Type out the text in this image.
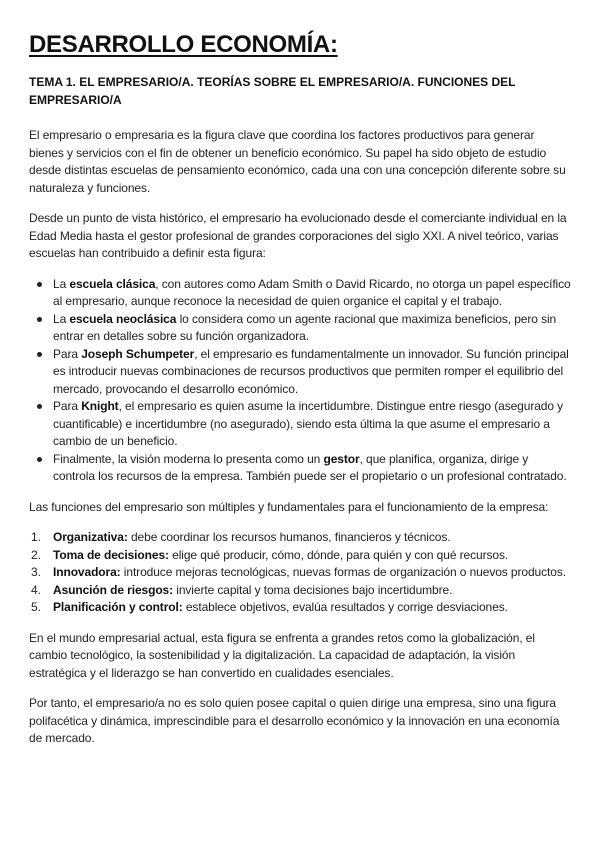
DESARROLLO ECONOMÍA:

TEMA 1. EL EMPRESARIO/A. TEORÍAS SOBRE EL EMPRESARIO/A. FUNCIONES DEL EMPRESARIO/A

El empresario o empresaria es la figura clave que coordina los factores productivos para generar bienes y servicios con el fin de obtener un beneficio económico. Su papel ha sido objeto de estudio desde distintas escuelas de pensamiento económico, cada una con una concepción diferente sobre su naturaleza y funciones.

Desde un punto de vista histórico, el empresario ha evolucionado desde el comerciante individual en la Edad Media hasta el gestor profesional de grandes corporaciones del siglo XXI. A nivel teórico, varias escuelas han contribuido a definir esta figura:

La escuela clásica, con autores como Adam Smith o David Ricardo, no otorga un papel específico al empresario, aunque reconoce la necesidad de quien organice el capital y el trabajo.
La escuela neoclásica lo considera como un agente racional que maximiza beneficios, pero sin entrar en detalles sobre su función organizadora.
Para Joseph Schumpeter, el empresario es fundamentalmente un innovador. Su función principal es introducir nuevas combinaciones de recursos productivos que permiten romper el equilibrio del mercado, provocando el desarrollo económico.
Para Knight, el empresario es quien asume la incertidumbre. Distingue entre riesgo (asegurado y cuantificable) e incertidumbre (no asegurado), siendo esta última la que asume el empresario a cambio de un beneficio.
Finalmente, la visión moderna lo presenta como un gestor, que planifica, organiza, dirige y controla los recursos de la empresa. También puede ser el propietario o un profesional contratado.

Las funciones del empresario son múltiples y fundamentales para el funcionamiento de la empresa:

1. Organizativa: debe coordinar los recursos humanos, financieros y técnicos.
2. Toma de decisiones: elige qué producir, cómo, dónde, para quién y con qué recursos.
3. Innovadora: introduce mejoras tecnológicas, nuevas formas de organización o nuevos productos.
4. Asunción de riesgos: invierte capital y toma decisiones bajo incertidumbre.
5. Planificación y control: establece objetivos, evalúa resultados y corrige desviaciones.

En el mundo empresarial actual, esta figura se enfrenta a grandes retos como la globalización, el cambio tecnológico, la sostenibilidad y la digitalización. La capacidad de adaptación, la visión estratégica y el liderazgo se han convertido en cualidades esenciales.

Por tanto, el empresario/a no es solo quien posee capital o quien dirige una empresa, sino una figura polifacética y dinámica, imprescindible para el desarrollo económico y la innovación en una economía de mercado.
